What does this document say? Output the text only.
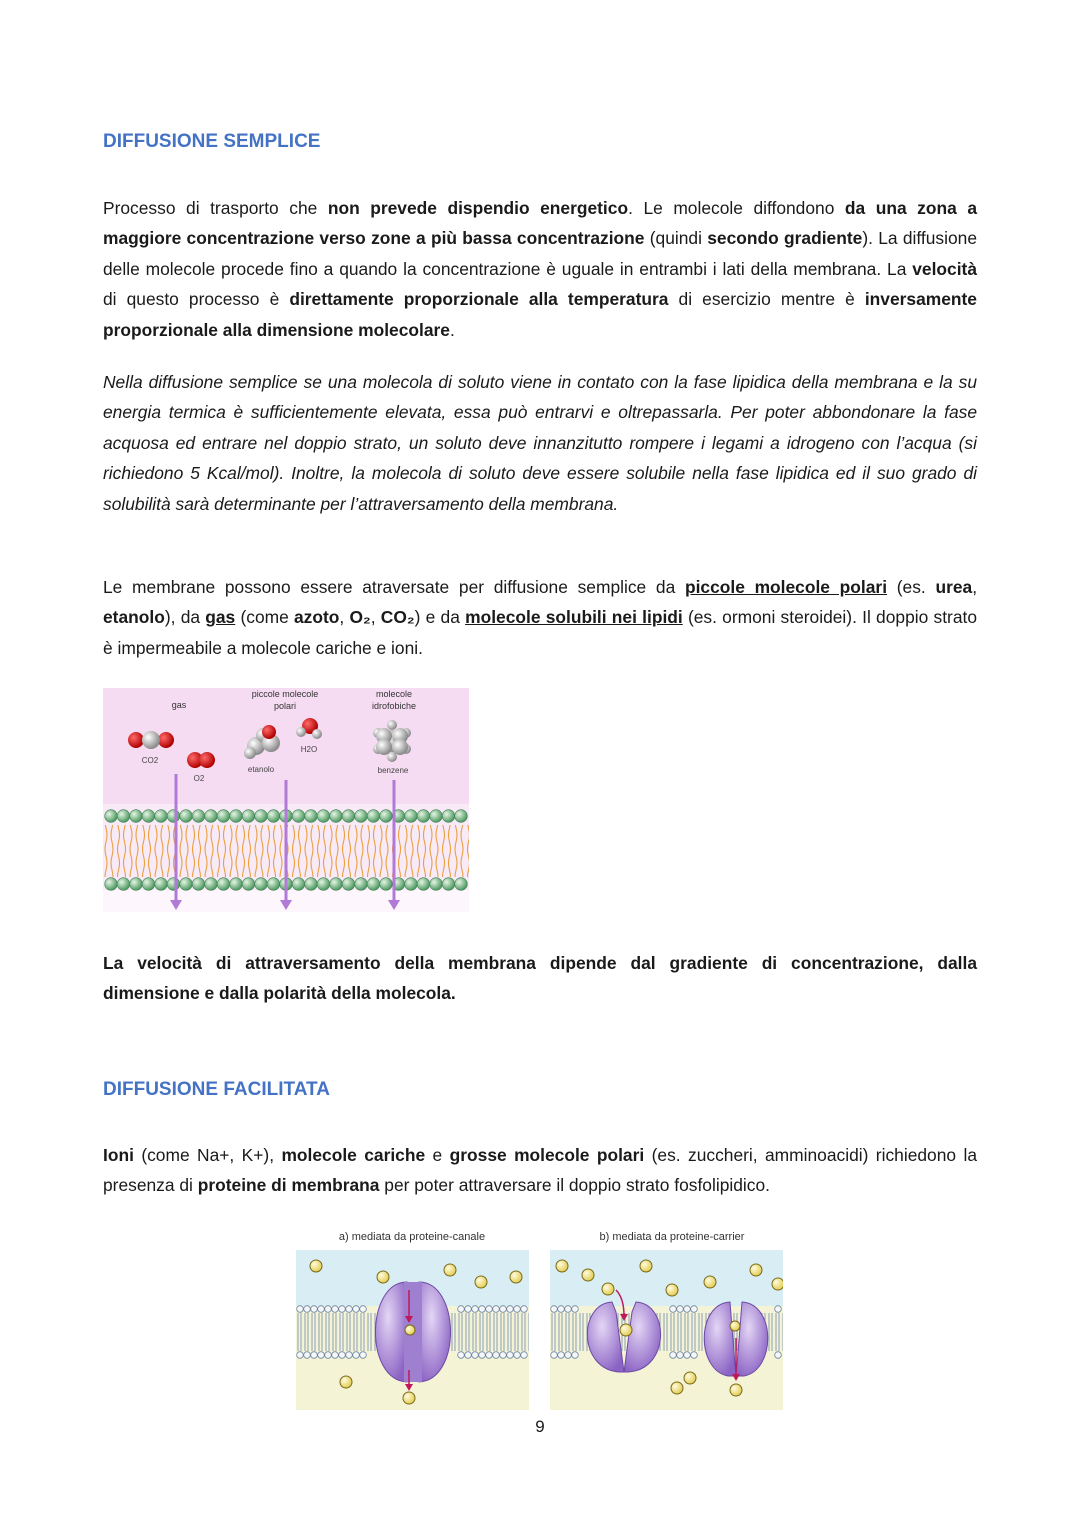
DIFFUSIONE SEMPLICE

Processo di trasporto che non prevede dispendio energetico. Le molecole diffondono da una zona a maggiore concentrazione verso zone a più bassa concentrazione (quindi secondo gradiente). La diffusione delle molecole procede fino a quando la concentrazione è uguale in entrambi i lati della membrana. La velocità di questo processo è direttamente proporzionale alla temperatura di esercizio mentre è inversamente proporzionale alla dimensione molecolare.

Nella diffusione semplice se una molecola di soluto viene in contato con la fase lipidica della membrana e la su energia termica è sufficientemente elevata, essa può entrarvi e oltrepassarla. Per poter abbondonare la fase acquosa ed entrare nel doppio strato, un soluto deve innanzitutto rompere i legami a idrogeno con l’acqua (si richiedono 5 Kcal/mol). Inoltre, la molecola di soluto deve essere solubile nella fase lipidica ed il suo grado di solubilità sarà determinante per l’attraversamento della membrana.

Le membrane possono essere atraversate per diffusione semplice da piccole molecole polari (es. urea, etanolo), da gas (come azoto, O₂, CO₂) e da molecole solubili nei lipidi (es. ormoni steroidei). Il doppio strato è impermeabile a molecole cariche e ioni.

gas
piccole molecole
polari
molecole
idrofobiche
CO2
O2
etanolo
H2O
benzene

La velocità di attraversamento della membrana dipende dal gradiente di concentrazione, dalla dimensione e dalla polarità della molecola.

DIFFUSIONE FACILITATA

Ioni (come Na+, K+), molecole cariche e grosse molecole polari (es. zuccheri, amminoacidi) richiedono la presenza di proteine di membrana per poter attraversare il doppio strato fosfolipidico.

a) mediata da proteine-canale	b) mediata da proteine-carrier
9
